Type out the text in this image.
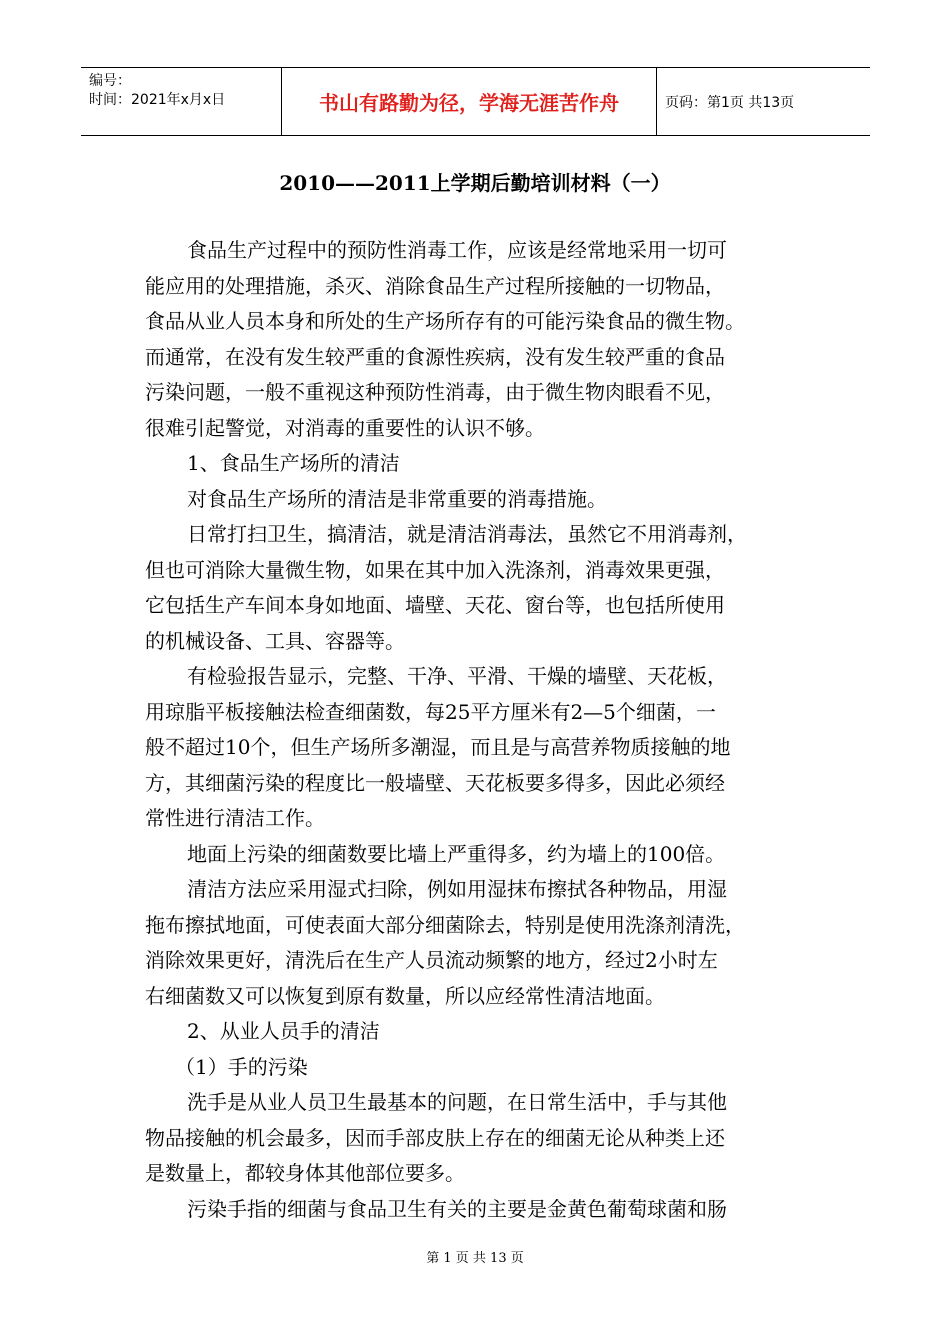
编号：
时间：2021年x月x日	书山有路勤为径，学海无涯苦作舟	页码：第1页 共13页
2010——2011上学期后勤培训材料（一）

食品生产过程中的预防性消毒工作，应该是经常地采用一切可
能应用的处理措施，杀灭、消除食品生产过程所接触的一切物品，
食品从业人员本身和所处的生产场所存有的可能污染食品的微生物。
而通常，在没有发生较严重的食源性疾病，没有发生较严重的食品
污染问题，一般不重视这种预防性消毒，由于微生物肉眼看不见，
很难引起警觉，对消毒的重要性的认识不够。

1、食品生产场所的清洁

对食品生产场所的清洁是非常重要的消毒措施。

日常打扫卫生，搞清洁，就是清洁消毒法，虽然它不用消毒剂，
但也可消除大量微生物，如果在其中加入洗涤剂，消毒效果更强，
它包括生产车间本身如地面、墙壁、天花、窗台等，也包括所使用
的机械设备、工具、容器等。

有检验报告显示，完整、干净、平滑、干燥的墙壁、天花板，
用琼脂平板接触法检查细菌数，每25平方厘米有2—5个细菌，一
般不超过10个，但生产场所多潮湿，而且是与高营养物质接触的地
方，其细菌污染的程度比一般墙壁、天花板要多得多，因此必须经
常性进行清洁工作。

地面上污染的细菌数要比墙上严重得多，约为墙上的100倍。

清洁方法应采用湿式扫除，例如用湿抹布擦拭各种物品，用湿
拖布擦拭地面，可使表面大部分细菌除去，特别是使用洗涤剂清洗，
消除效果更好，清洗后在生产人员流动频繁的地方，经过2小时左
右细菌数又可以恢复到原有数量，所以应经常性清洁地面。

2、从业人员手的清洁

（1）手的污染

洗手是从业人员卫生最基本的问题，在日常生活中，手与其他
物品接触的机会最多，因而手部皮肤上存在的细菌无论从种类上还
是数量上，都较身体其他部位要多。

污染手指的细菌与食品卫生有关的主要是金黄色葡萄球菌和肠

第 1 页 共 13 页
